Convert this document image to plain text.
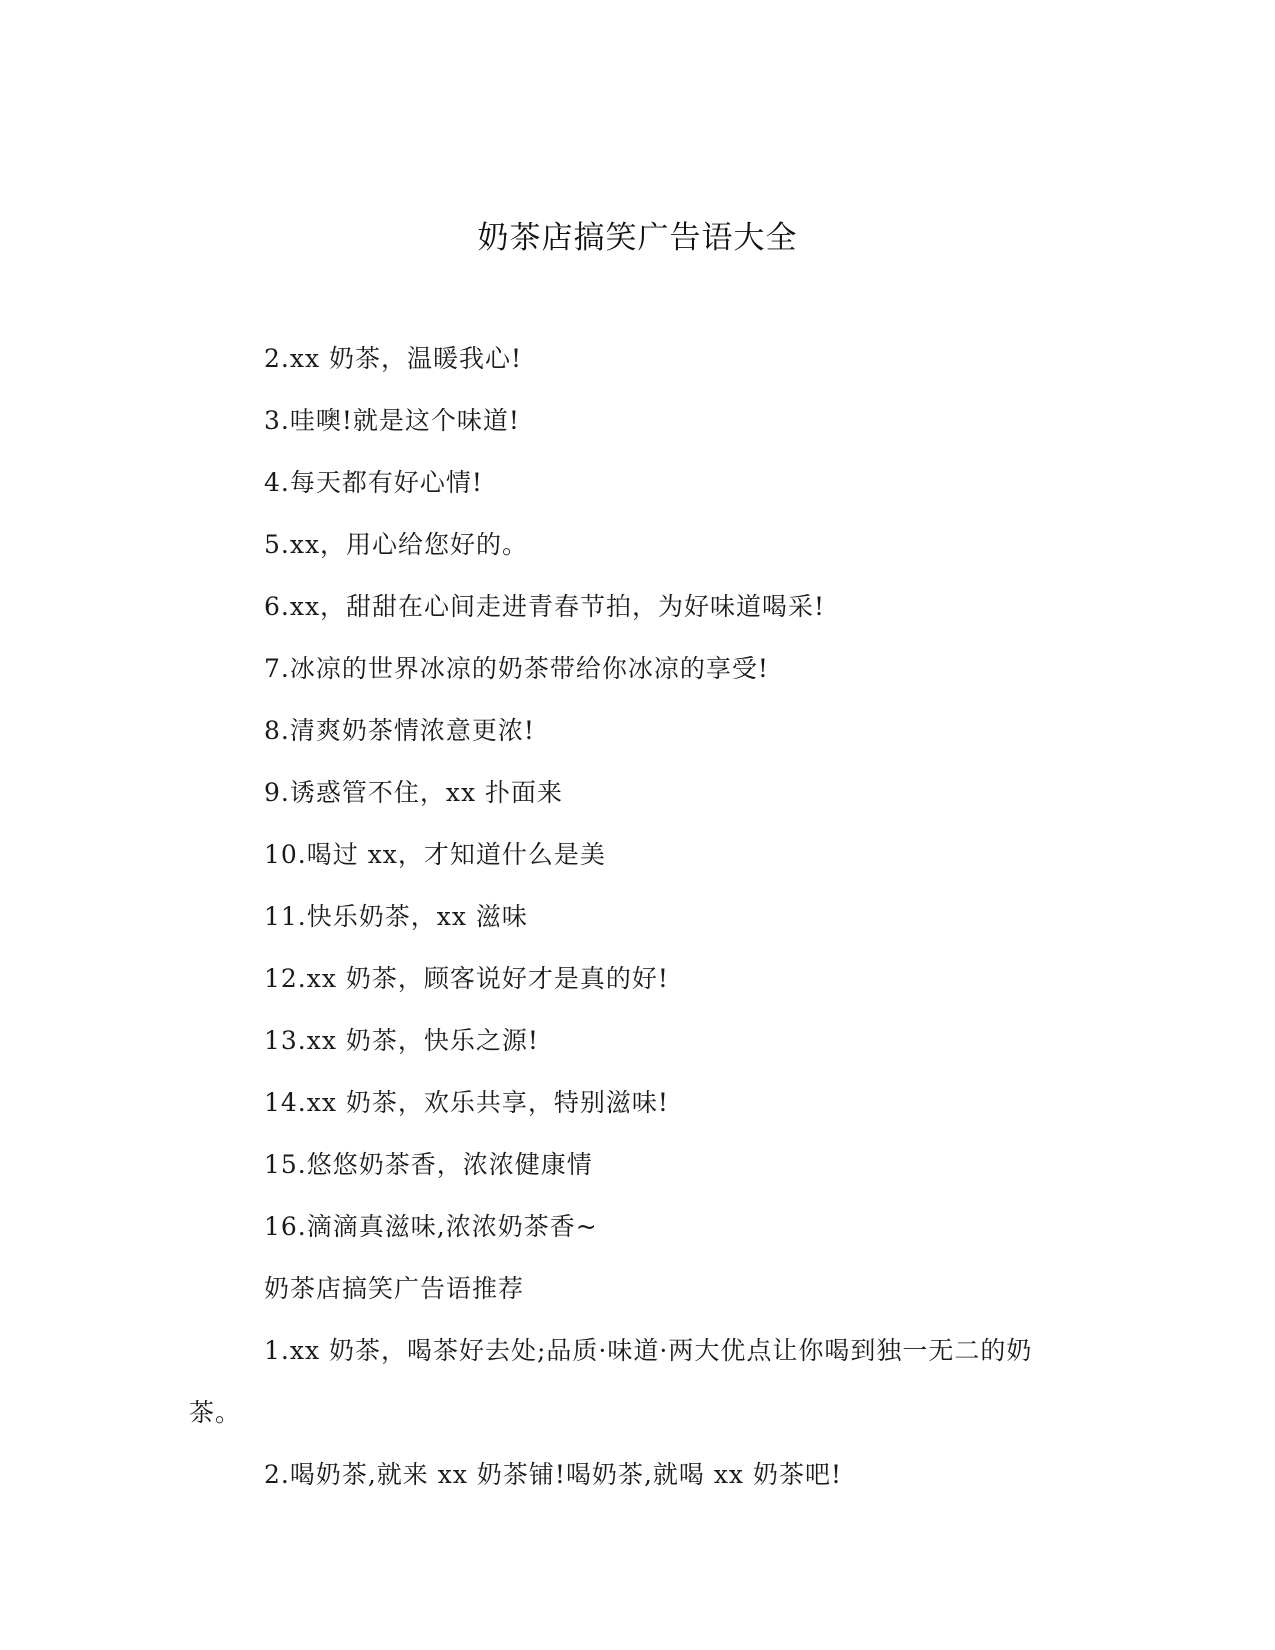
奶茶店搞笑广告语大全

2.xx 奶茶，温暖我心!

3.哇噢!就是这个味道!

4.每天都有好心情!

5.xx，用心给您好的。

6.xx，甜甜在心间走进青春节拍，为好味道喝采!

7.冰凉的世界冰凉的奶茶带给你冰凉的享受!

8.清爽奶茶情浓意更浓!

9.诱惑管不住，xx 扑面来

10.喝过 xx，才知道什么是美

11.快乐奶茶，xx 滋味

12.xx 奶茶，顾客说好才是真的好!

13.xx 奶茶，快乐之源!

14.xx 奶茶，欢乐共享，特别滋味!

15.悠悠奶茶香，浓浓健康情

16.滴滴真滋味,浓浓奶茶香~

奶茶店搞笑广告语推荐

1.xx 奶茶，喝茶好去处;品质·味道·两大优点让你喝到独一无二的奶茶。

2.喝奶茶,就来 xx 奶茶铺!喝奶茶,就喝 xx 奶茶吧!
